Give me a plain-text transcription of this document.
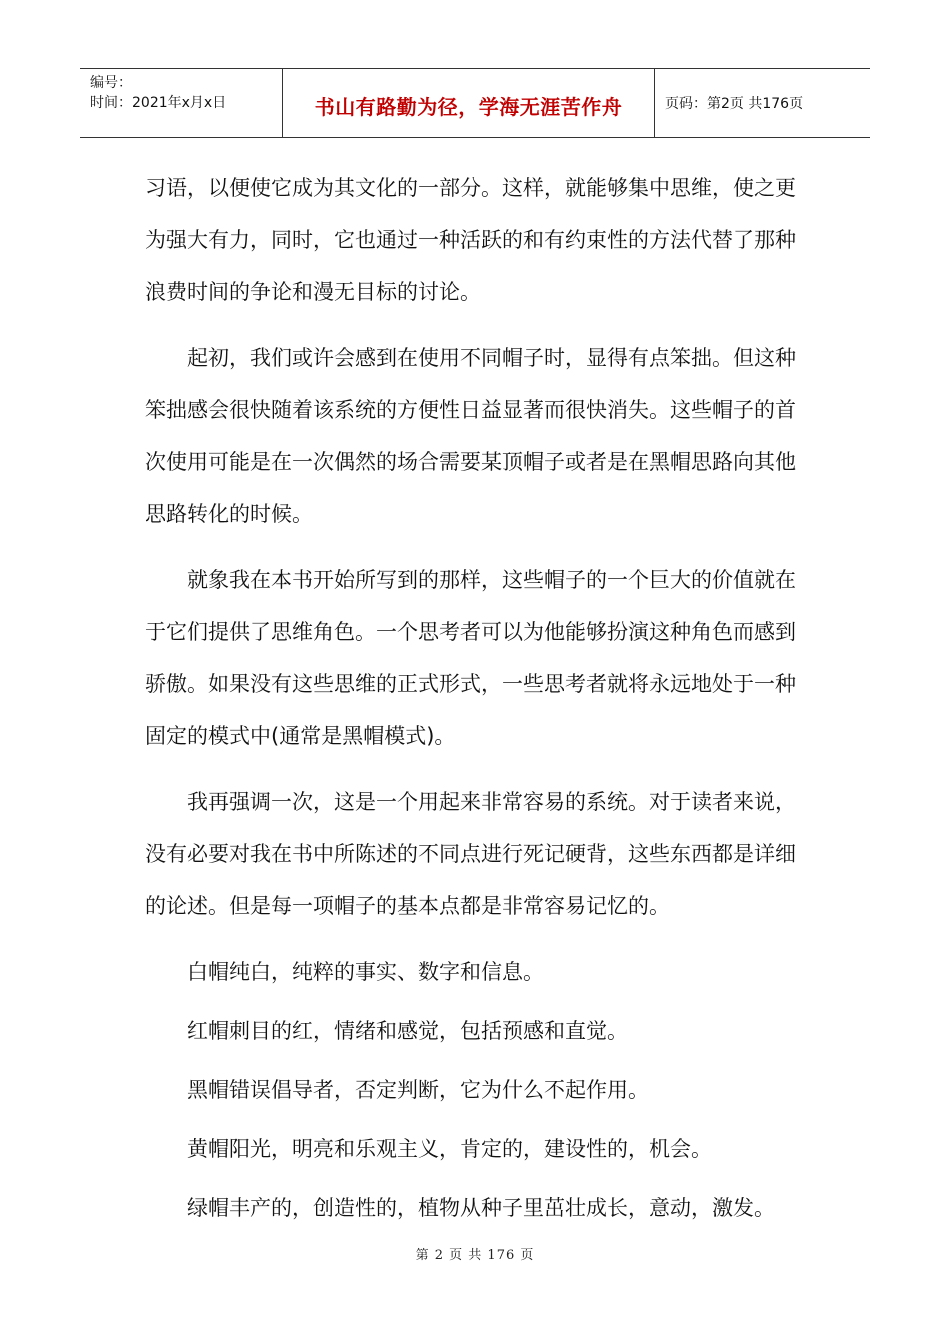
编号：
时间：2021年x月x日	书山有路勤为径，学海无涯苦作舟	页码：第2页 共176页

习语，以便使它成为其文化的一部分。这样，就能够集中思维，使之更为强大有力，同时，它也通过一种活跃的和有约束性的方法代替了那种浪费时间的争论和漫无目标的讨论。

起初，我们或许会感到在使用不同帽子时，显得有点笨拙。但这种笨拙感会很快随着该系统的方便性日益显著而很快消失。这些帽子的首次使用可能是在一次偶然的场合需要某顶帽子或者是在黑帽思路向其他思路转化的时候。

就象我在本书开始所写到的那样，这些帽子的一个巨大的价值就在于它们提供了思维角色。一个思考者可以为他能够扮演这种角色而感到骄傲。如果没有这些思维的正式形式，一些思考者就将永远地处于一种固定的模式中(通常是黑帽模式)。

我再强调一次，这是一个用起来非常容易的系统。对于读者来说，没有必要对我在书中所陈述的不同点进行死记硬背，这些东西都是详细的论述。但是每一项帽子的基本点都是非常容易记忆的。

白帽纯白，纯粹的事实、数字和信息。

红帽刺目的红，情绪和感觉，包括预感和直觉。

黑帽错误倡导者，否定判断，它为什么不起作用。

黄帽阳光，明亮和乐观主义，肯定的，建设性的，机会。

绿帽丰产的，创造性的，植物从种子里茁壮成长，意动，激发。

第 2 页 共 176 页
